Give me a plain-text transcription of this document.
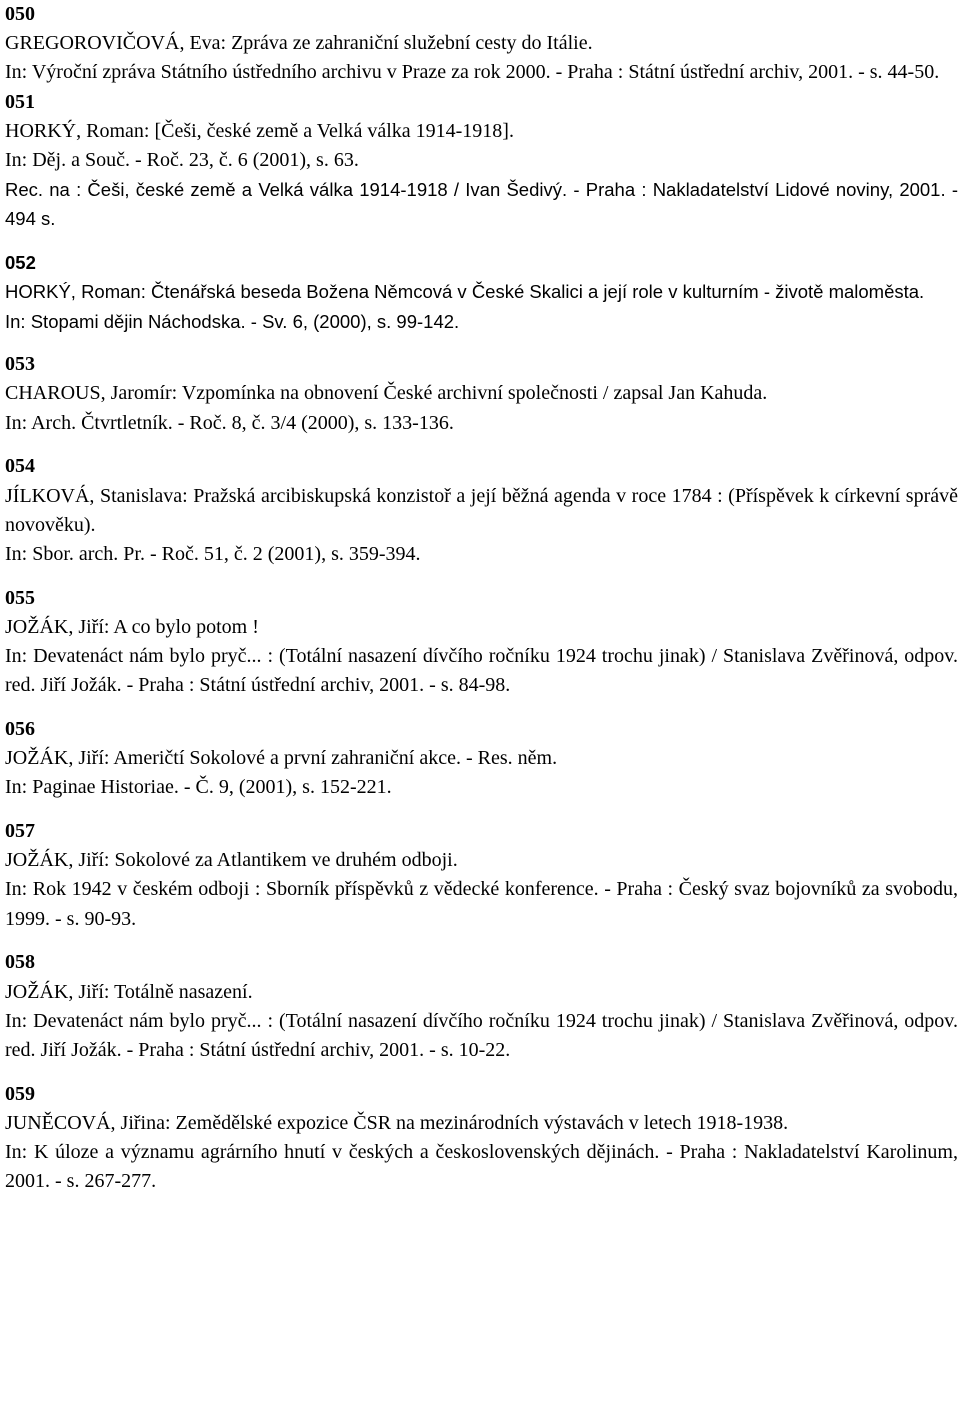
050
GREGOROVIČOVÁ, Eva: Zpráva ze zahraniční služební cesty do Itálie.
In: Výroční zpráva Státního ústředního archivu v Praze za rok 2000. - Praha : Státní ústřední archiv, 2001. - s. 44-50.
051
HORKÝ, Roman: [Češi, české země a Velká válka 1914-1918].
In: Děj. a Souč. - Roč. 23, č. 6 (2001), s. 63.
Rec. na : Češi, české země a Velká válka 1914-1918 / Ivan Šedivý. - Praha : Nakladatelství Lidové noviny, 2001. - 494 s.
052
HORKÝ, Roman: Čtenářská beseda Božena Němcová v České Skalici a její role v kulturním - životě maloměsta.
In: Stopami dějin Náchodska. - Sv. 6, (2000), s. 99-142.
053
CHAROUS, Jaromír: Vzpomínka na obnovení České archivní společnosti / zapsal Jan Kahuda.
In: Arch. Čtvrtletník. - Roč. 8, č. 3/4 (2000), s. 133-136.
054
JÍLKOVÁ, Stanislava: Pražská arcibiskupská konzistoř a její běžná agenda v roce 1784 : (Příspěvek k církevní správě novověku).
In: Sbor. arch. Pr. - Roč. 51, č. 2 (2001), s. 359-394.
055
JOŽÁK, Jiří: A co bylo potom !
In: Devatenáct nám bylo pryč... : (Totální nasazení dívčího ročníku 1924 trochu jinak) / Stanislava Zvěřinová, odpov. red. Jiří Jožák. - Praha : Státní ústřední archiv, 2001. - s. 84-98.
056
JOŽÁK, Jiří: Američtí Sokolové a první zahraniční akce. - Res. něm.
In: Paginae Historiae. - Č. 9, (2001), s. 152-221.
057
JOŽÁK, Jiří: Sokolové za Atlantikem ve druhém odboji.
In: Rok 1942 v českém odboji : Sborník příspěvků z vědecké konference. - Praha : Český svaz bojovníků za svobodu, 1999. - s. 90-93.
058
JOŽÁK, Jiří: Totálně nasazení.
In: Devatenáct nám bylo pryč... : (Totální nasazení dívčího ročníku 1924 trochu jinak) / Stanislava Zvěřinová, odpov. red. Jiří Jožák. - Praha : Státní ústřední archiv, 2001. - s. 10-22.
059
JUNĚCOVÁ, Jiřina: Zemědělské expozice ČSR na mezinárodních výstavách v letech 1918-1938.
In: K úloze a významu agrárního hnutí v českých a československých dějinách. - Praha : Nakladatelství Karolinum, 2001. - s. 267-277.
